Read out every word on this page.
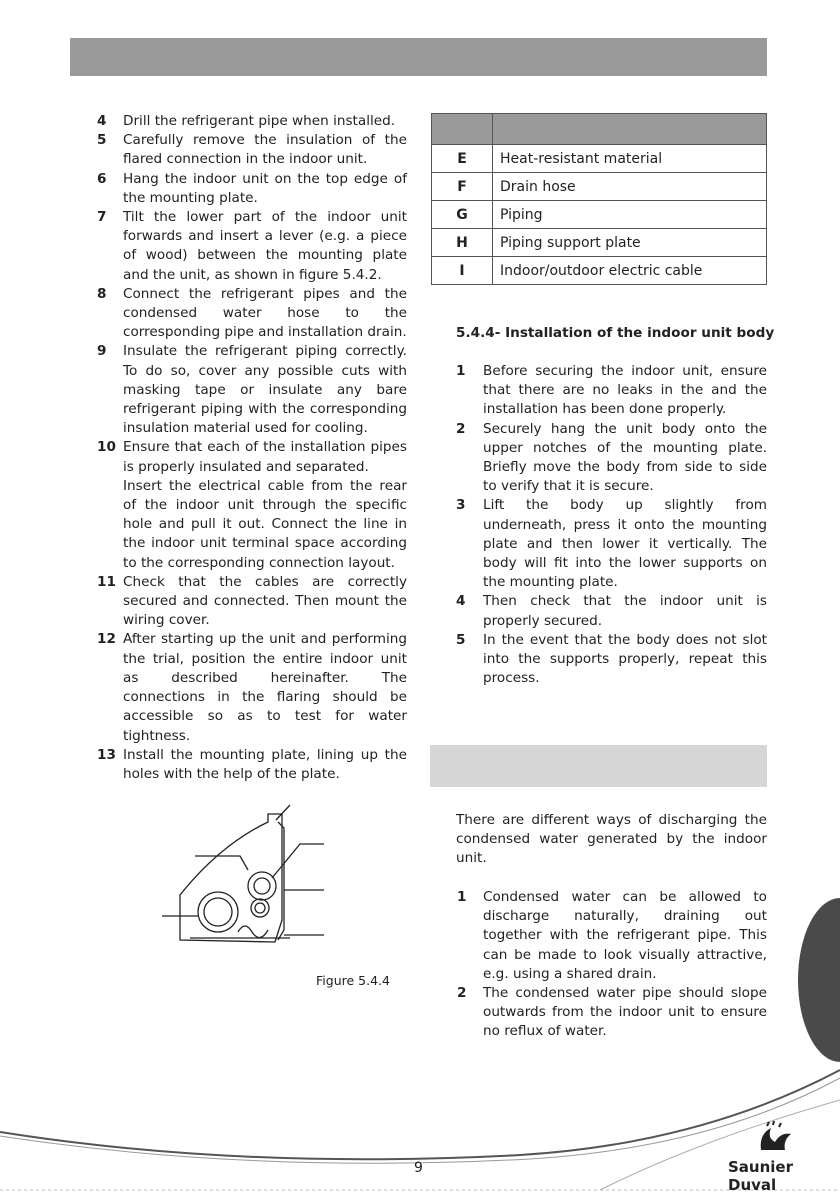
4 Drill the refrigerant pipe when installed.

5 Carefully remove the insulation of the flared connection in the indoor unit.

6 Hang the indoor unit on the top edge of the mounting plate.

7 Tilt the lower part of the indoor unit forwards and insert a lever (e.g. a piece of wood) between the mounting plate and the unit, as shown in figure 5.4.2.

8 Connect the refrigerant pipes and the condensed water hose to the corresponding pipe and installation drain.

9 Insulate the refrigerant piping correctly. To do so, cover any possible cuts with masking tape or insulate any bare refrigerant piping with the corresponding insulation material used for cooling.

10 Ensure that each of the installation pipes is properly insulated and separated.

Insert the electrical cable from the rear of the indoor unit through the specific hole and pull it out. Connect the line in the indoor unit terminal space according to the corresponding connection layout.

11 Check that the cables are correctly secured and connected. Then mount the wiring cover.

12 After starting up the unit and performing the trial, position the entire indoor unit as described hereinafter. The connections in the flaring should be accessible so as to test for water tightness.

13 Install the mounting plate, lining up the holes with the help of the plate.

E	Heat-resistant material
F	Drain hose
G	Piping
H	Piping support plate
I	Indoor/outdoor electric cable
5.4.4- Installation of the indoor unit body
1 Before securing the indoor unit, ensure that there are no leaks in the and the installation has been done properly.

2 Securely hang the unit body onto the upper notches of the mounting plate. Briefly move the body from side to side to verify that it is secure.

3 Lift the body up slightly from underneath, press it onto the mounting plate and then lower it vertically. The body will fit into the lower supports on the mounting plate.

4 Then check that the indoor unit is properly secured.

5 In the event that the body does not slot into the supports properly, repeat this process.

There are different ways of discharging the condensed water generated by the indoor unit.
1 Condensed water can be allowed to discharge naturally, draining out together with the refrigerant pipe. This can be made to look visually attractive, e.g. using a shared drain.

2 The condensed water pipe should slope outwards from the indoor unit to ensure no reflux of water.

Figure 5.4.4
9	Saunier Duval
